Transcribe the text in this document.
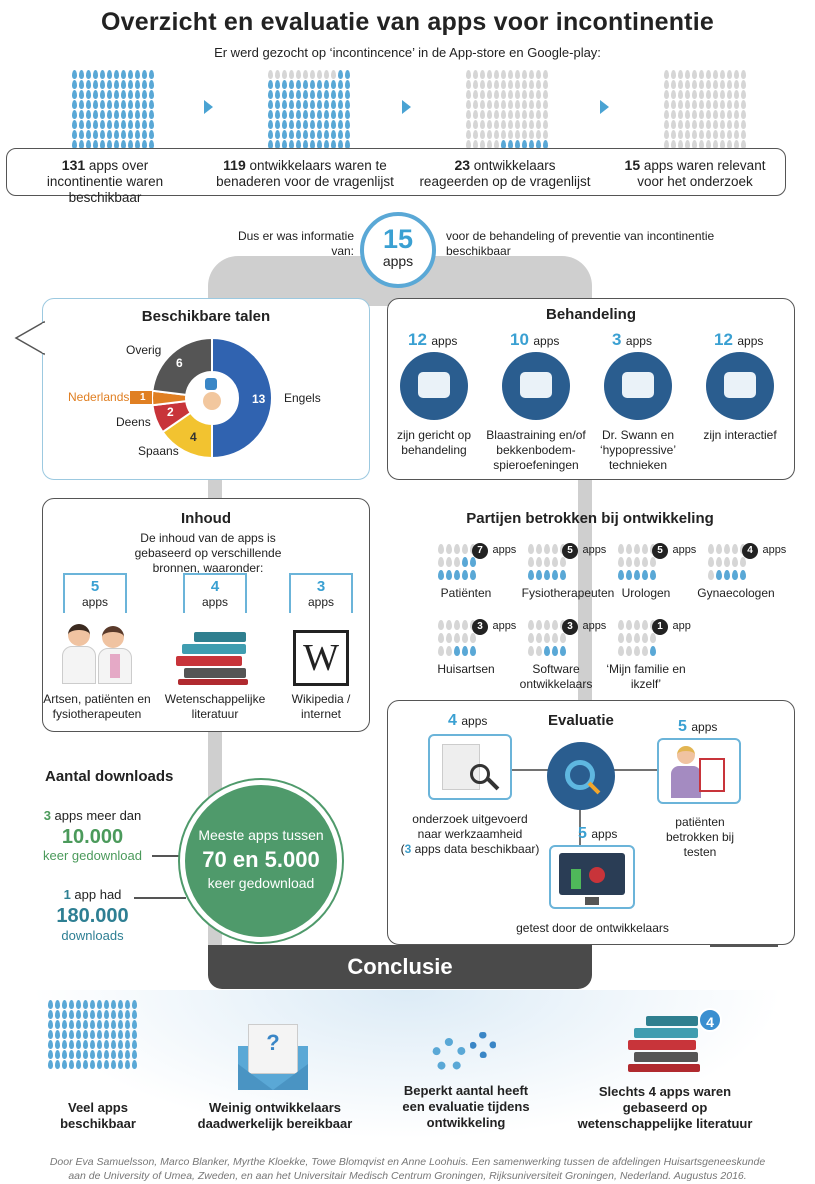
Overzicht en evaluatie van apps voor incontinentie
Er werd gezocht op ‘incontincence’ in de App-store en Google-play:
131 apps over
incontinentie waren beschikbaar
119 ontwikkelaars waren te
benaderen voor de vragenlijst
23 ontwikkelaars
reageerden op de vragenlijst
15 apps waren relevant
voor het onderzoek
Dus er was informatie van:	15
apps
voor de behandeling of preventie van incontinentie beschikbaar
Beschikbare talen
Overig
Nederlands
Deens
Spaans
Engels
1
6
2
4
13
Behandeling
12 apps
zijn gericht op behandeling
10 apps
Blaastraining en/of bekkenbodem-spieroefeningen
3 apps
Dr. Swann en ‘hypopressive’ technieken
12 apps
zijn interactief
Inhoud
De inhoud van de apps is gebaseerd op verschillende bronnen, waaronder:
5
apps
Artsen, patiënten en fysiotherapeuten
4
apps
Wetenschappelijke literatuur
3
apps
W
Wikipedia / internet
Partijen betrokken bij ontwikkeling
7 apps
Patiënten
5 apps
Fysiotherapeuten
5 apps
Urologen
4 apps
Gynaecologen
3 apps
Huisartsen
3 apps
Software ontwikkelaars
1 app
‘Mijn familie en ikzelf’
Aantal downloads
3 apps meer dan
10.000
keer gedownload
1 app had
180.000
downloads
Meeste apps tussen
70 en 5.000
keer gedownload
Evaluatie
4 apps
onderzoek uitgevoerd
naar werkzaamheid
(3 apps data beschikbaar)
5 apps
patiënten betrokken bij testen
5 apps
getest door de ontwikkelaars
Conclusie
?
4
Veel apps beschikbaar
Weinig ontwikkelaars daadwerkelijk bereikbaar
Beperkt aantal heeft een evaluatie tijdens ontwikkeling
Slechts 4 apps waren gebaseerd op wetenschappelijke literatuur
Door Eva Samuelsson, Marco Blanker, Myrthe Kloekke, Towe Blomqvist en Anne Loohuis. Een samenwerking tussen de afdelingen Huisartsgeneeskunde
aan de University of Umea, Zweden, en aan het Universitair Medisch Centrum Groningen, Rijksuniversiteit Groningen, Nederland. Augustus 2016.
